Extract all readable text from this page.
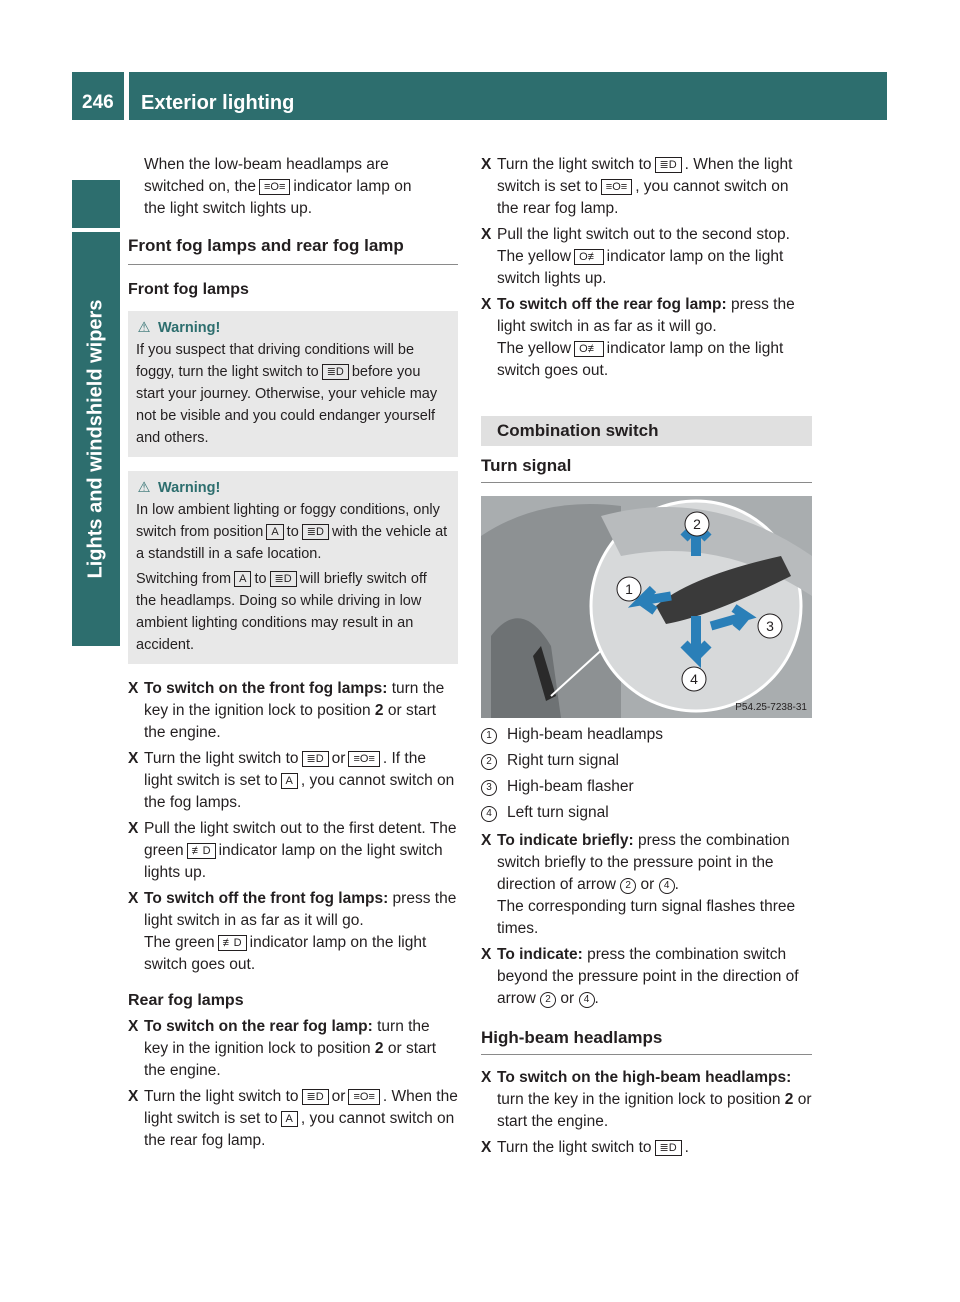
246 Exterior lighting
Lights and windshield wipers

When the low-beam headlamps are
switched on, the ≡O≡ indicator lamp on
the light switch lights up.

Front fog lamps and rear fog lamp
Front fog lamps
⚠ Warning!
If you suspect that driving conditions will be foggy, turn the light switch to ≣D before you start your journey. Otherwise, your vehicle may not be visible and you could endanger yourself and others.
⚠ Warning!
In low ambient lighting or foggy conditions, only switch from position A to ≣D with the vehicle at a standstill in a safe location.
Switching from A to ≣D will briefly switch off the headlamps. Doing so while driving in low ambient lighting conditions may result in an accident.
X To switch on the front fog lamps: turn the key in the ignition lock to position 2 or start the engine.
X Turn the light switch to ≣D or ≡O≡ . If the light switch is set to A , you cannot switch on the fog lamps.
X Pull the light switch out to the first detent. The green ≢D indicator lamp on the light switch lights up.
X To switch off the front fog lamps: press the light switch in as far as it will go.
The green ≢D indicator lamp on the light switch goes out.
Rear fog lamps
X To switch on the rear fog lamp: turn the key in the ignition lock to position 2 or start the engine.
X Turn the light switch to ≣D or ≡O≡ . When the light switch is set to A , you cannot switch on the rear fog lamp.
X Turn the light switch to ≣D . When the light switch is set to ≡O≡ , you cannot switch on the rear fog lamp.
X Pull the light switch out to the second stop. The yellow O≢ indicator lamp on the light switch lights up.
X To switch off the rear fog lamp: press the light switch in as far as it will go.
The yellow O≢ indicator lamp on the light switch goes out.
Combination switch
Turn signal
2
1
3
4
P54.25-7238-31
1 High-beam headlamps
2 Right turn signal
3 High-beam flasher
4 Left turn signal
X To indicate briefly: press the combination switch briefly to the pressure point in the direction of arrow 2 or 4 .
The corresponding turn signal flashes three times.
X To indicate: press the combination switch beyond the pressure point in the direction of arrow 2 or 4 .
High-beam headlamps
X To switch on the high-beam headlamps: turn the key in the ignition lock to position 2 or start the engine.
X Turn the light switch to ≣D .
